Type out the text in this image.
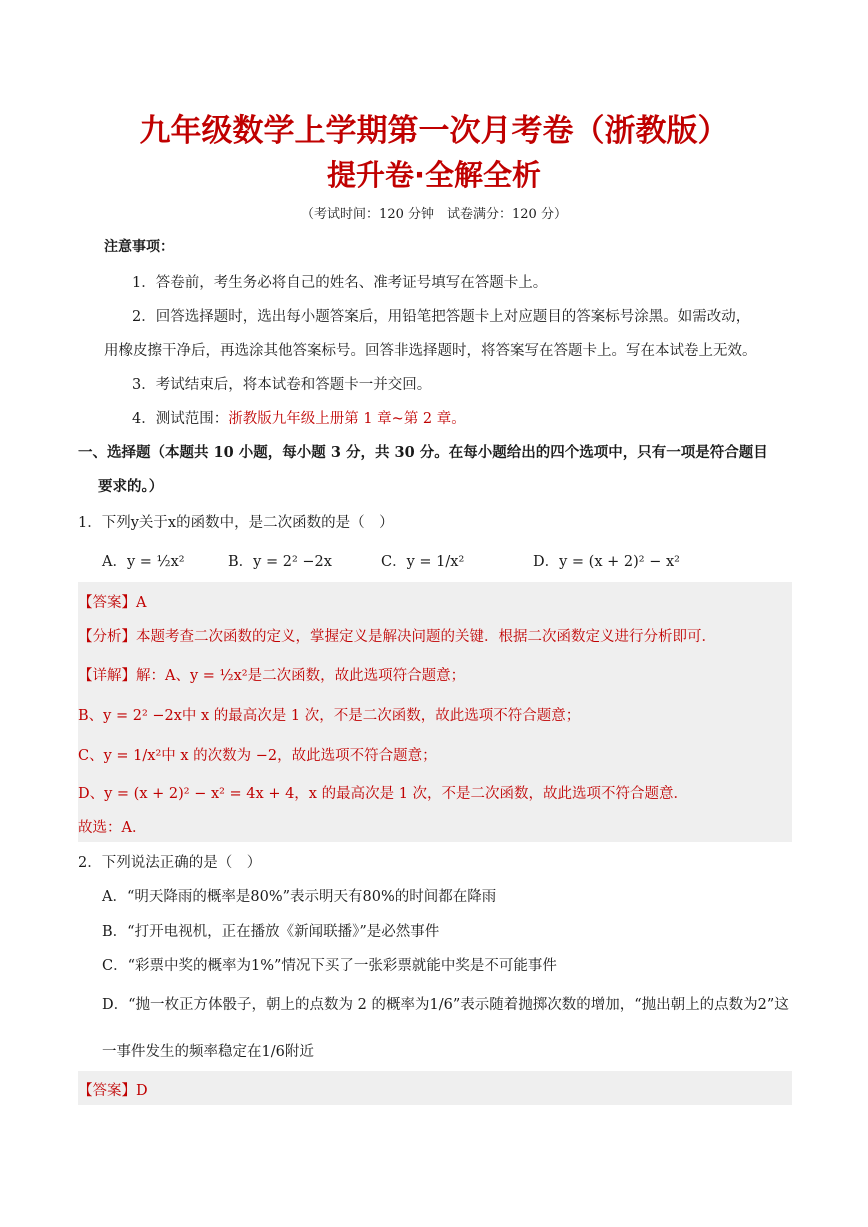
九年级数学上学期第一次月考卷（浙教版）
提升卷·全解全析
（考试时间：120 分钟　试卷满分：120 分）
注意事项：
1．答卷前，考生务必将自己的姓名、准考证号填写在答题卡上。
2．回答选择题时，选出每小题答案后，用铅笔把答题卡上对应题目的答案标号涂黑。如需改动，
用橡皮擦干净后，再选涂其他答案标号。回答非选择题时，将答案写在答题卡上。写在本试卷上无效。
3．考试结束后，将本试卷和答题卡一并交回。
4．测试范围：浙教版九年级上册第 1 章~第 2 章。
一、选择题（本题共 10 小题，每小题 3 分，共 30 分。在每小题给出的四个选项中，只有一项是符合题目
要求的。）
1．下列y关于x的函数中，是二次函数的是（　）
A．y = ½x²	B．y = 2² −2x	C．y = 1/x²	D．y = (x + 2)² − x²
【答案】A
【分析】本题考查二次函数的定义，掌握定义是解决问题的关键．根据二次函数定义进行分析即可．
【详解】解：A、y = ½x²是二次函数，故此选项符合题意；
B、y = 2² −2x中 x 的最高次是 1 次，不是二次函数，故此选项不符合题意；
C、y = 1/x²中 x 的次数为 −2，故此选项不符合题意；
D、y = (x + 2)² − x² = 4x + 4，x 的最高次是 1 次，不是二次函数，故此选项不符合题意．
故选：A．
2．下列说法正确的是（　）
A．“明天降雨的概率是80%”表示明天有80%的时间都在降雨
B．“打开电视机，正在播放《新闻联播》”是必然事件
C．“彩票中奖的概率为1%”情况下买了一张彩票就能中奖是不可能事件
D．“抛一枚正方体骰子，朝上的点数为 2 的概率为1/6”表示随着抛掷次数的增加，“抛出朝上的点数为2”这
一事件发生的频率稳定在1/6附近
【答案】D
